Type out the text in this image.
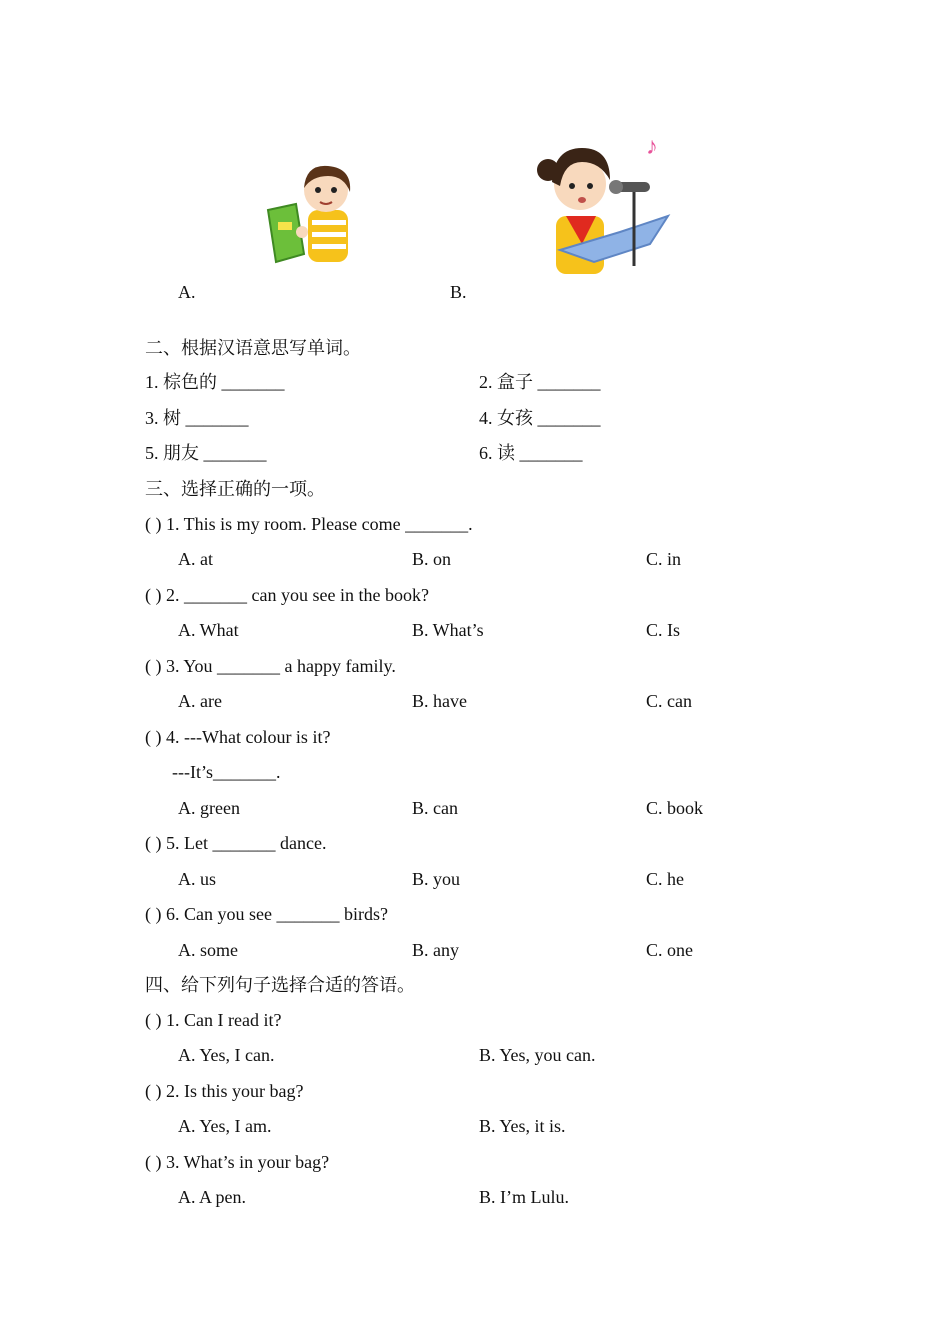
♪
A.	B.
二、根据汉语意思写单词。
1. 棕色的 _______	2. 盒子 _______
3. 树 _______	4. 女孩 _______
5. 朋友 _______	6. 读 _______
三、选择正确的一项。
( ) 1. This is my room. Please come _______.
A. at	B. on	C. in
( ) 2. _______ can you see in the book?
A. What	B. What’s	C. Is
( ) 3. You _______ a happy family.
A. are	B. have	C. can
( ) 4. ---What colour is it?
---It’s_______.
A. green	B. can	C. book
( ) 5. Let _______ dance.
A. us	B. you	C. he
( ) 6. Can you see _______ birds?
A. some	B. any	C. one
四、给下列句子选择合适的答语。
( ) 1. Can I read it?
A. Yes, I can.	B. Yes, you can.
( ) 2. Is this your bag?
A. Yes, I am.	B. Yes, it is.
( ) 3. What’s in your bag?
A. A pen.	B. I’m Lulu.
